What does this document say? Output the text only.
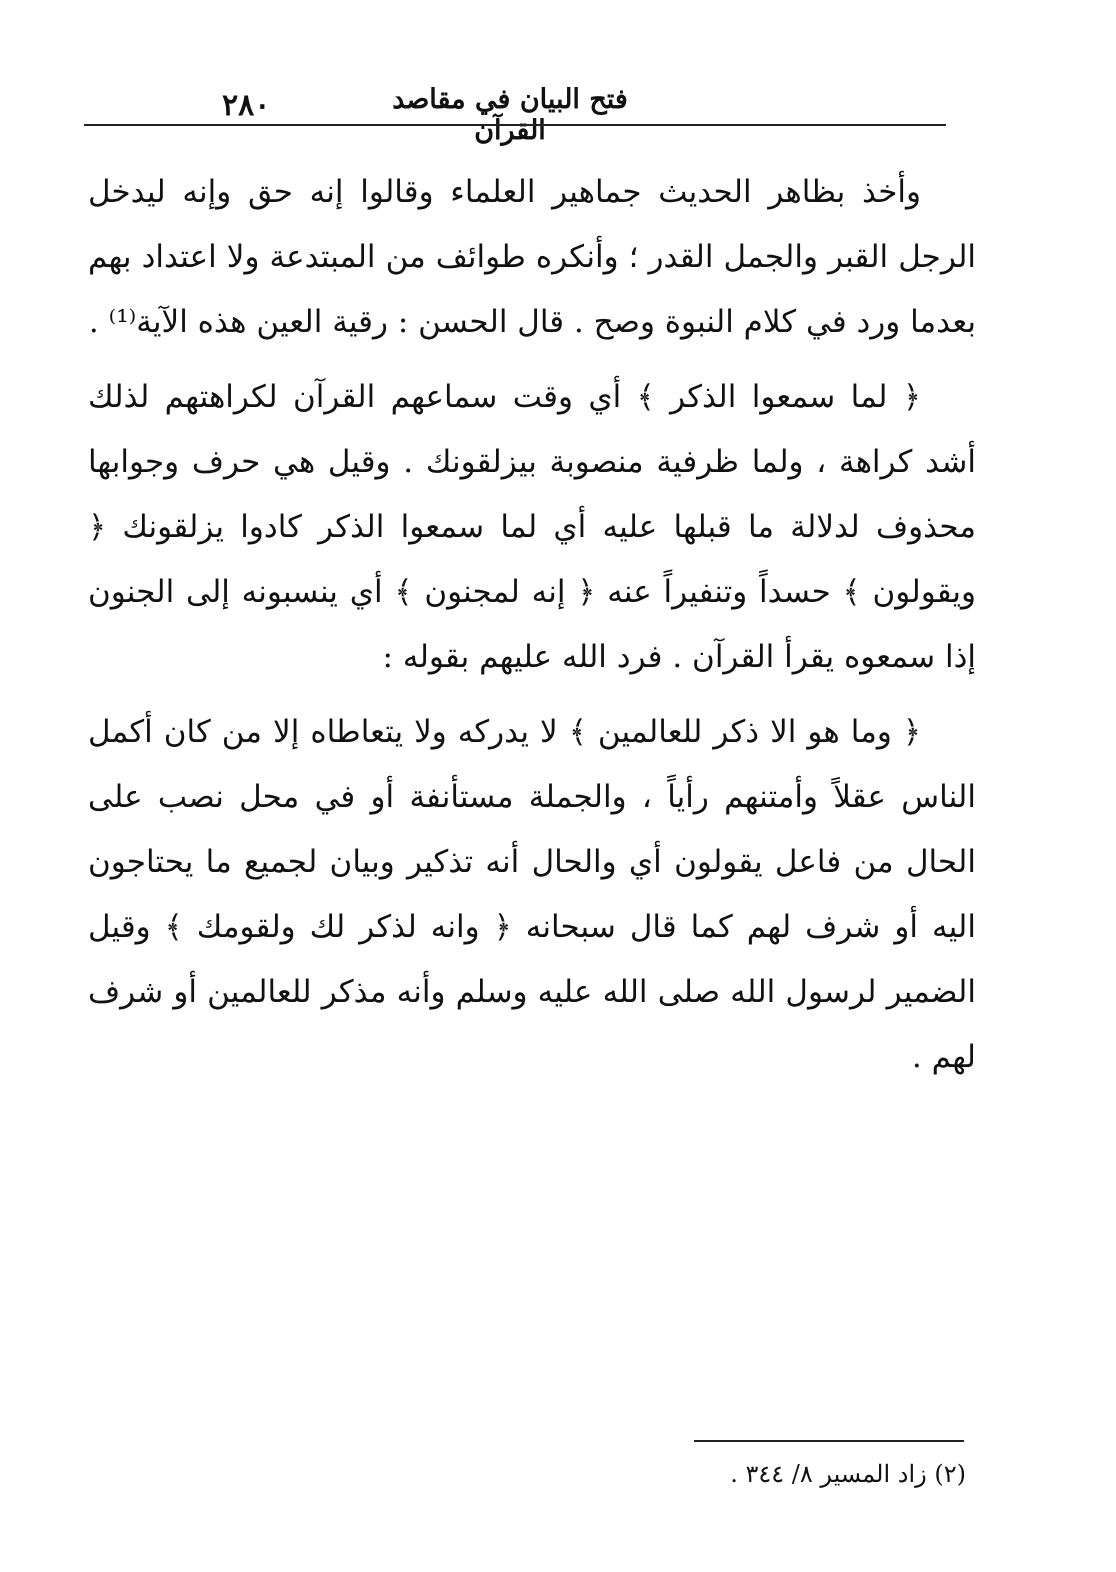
٢٨٠	فتح البيان في مقاصد القرآن

وأخذ بظاهر الحديث جماهير العلماء وقالوا إنه حق وإنه ليدخل الرجل القبر والجمل القدر ؛ وأنكره طوائف من المبتدعة ولا اعتداد بهم بعدما ورد في كلام النبوة وصح . قال الحسن : رقية العين هذه الآية⁽¹⁾ .

﴿ لما سمعوا الذكر ﴾ أي وقت سماعهم القرآن لكراهتهم لذلك أشد كراهة ، ولما ظرفية منصوبة بيزلقونك . وقيل هي حرف وجوابها محذوف لدلالة ما قبلها عليه أي لما سمعوا الذكر كادوا يزلقونك ﴿ ويقولون ﴾ حسداً وتنفيراً عنه ﴿ إنه لمجنون ﴾ أي ينسبونه إلى الجنون إذا سمعوه يقرأ القرآن . فرد الله عليهم بقوله :

﴿ وما هو الا ذكر للعالمين ﴾ لا يدركه ولا يتعاطاه إلا من كان أكمل الناس عقلاً وأمتنهم رأياً ، والجملة مستأنفة أو في محل نصب على الحال من فاعل يقولون أي والحال أنه تذكير وبيان لجميع ما يحتاجون اليه أو شرف لهم كما قال سبحانه ﴿ وانه لذكر لك ولقومك ﴾ وقيل الضمير لرسول الله صلى الله عليه وسلم وأنه مذكر للعالمين أو شرف لهم .

(٢) زاد المسير ٨/ ٣٤٤ .
